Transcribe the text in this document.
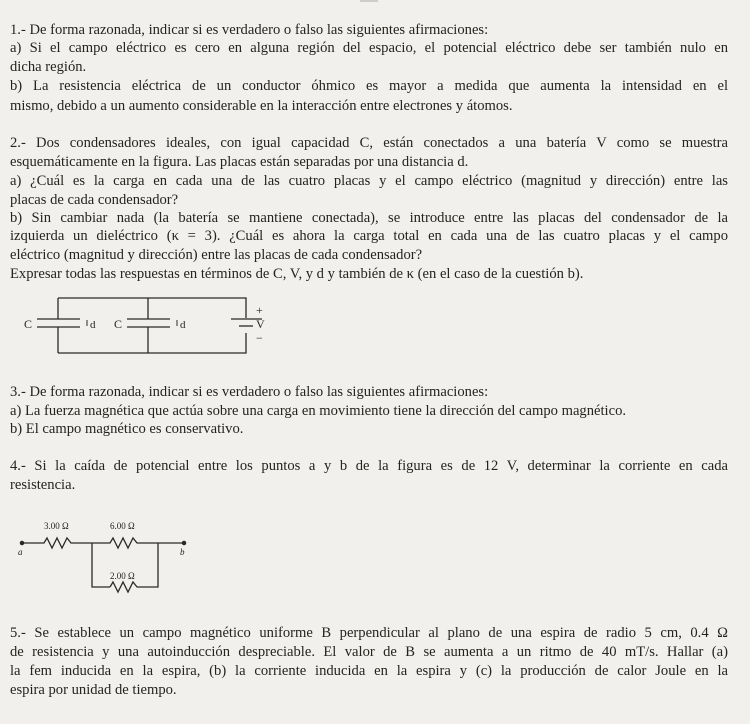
1.- De forma razonada, indicar si es verdadero o falso las siguientes afirmaciones:
a) Si el campo eléctrico es cero en alguna región del espacio, el potencial eléctrico debe ser también nulo en
dicha región.
b) La resistencia eléctrica de un conductor óhmico es mayor a medida que aumenta la intensidad en el
mismo, debido a un aumento considerable en la interacción entre electrones y átomos.
2.- Dos condensadores ideales, con igual capacidad C, están conectados a una batería V como se muestra
esquemáticamente en la figura. Las placas están separadas por una distancia d.
a) ¿Cuál es la carga en cada una de las cuatro placas y el campo eléctrico (magnitud y dirección) entre las
placas de cada condensador?
b) Sin cambiar nada (la batería se mantiene conectada), se introduce entre las placas del condensador de la
izquierda un dieléctrico (κ = 3). ¿Cuál es ahora la carga total en cada una de las cuatro placas y el campo
eléctrico (magnitud y dirección) entre las placas de cada condensador?
Expresar todas las respuestas en términos de C, V, y d y también de κ (en el caso de la cuestión b).
C	d C	d
+
V
−
3.- De forma razonada, indicar si es verdadero o falso las siguientes afirmaciones:
a) La fuerza magnética que actúa sobre una carga en movimiento tiene la dirección del campo magnético.
b) El campo magnético es conservativo.
4.- Si la caída de potencial entre los puntos a y b de la figura es de 12 V, determinar la corriente en cada
resistencia.
3.00 Ω	6.00 Ω
2.00 Ω
a	b
5.- Se establece un campo magnético uniforme B perpendicular al plano de una espira de radio 5 cm, 0.4 Ω
de resistencia y una autoinducción despreciable. El valor de B se aumenta a un ritmo de 40 mT/s. Hallar (a)
la fem inducida en la espira, (b) la corriente inducida en la espira y (c) la producción de calor Joule en la
espira por unidad de tiempo.
